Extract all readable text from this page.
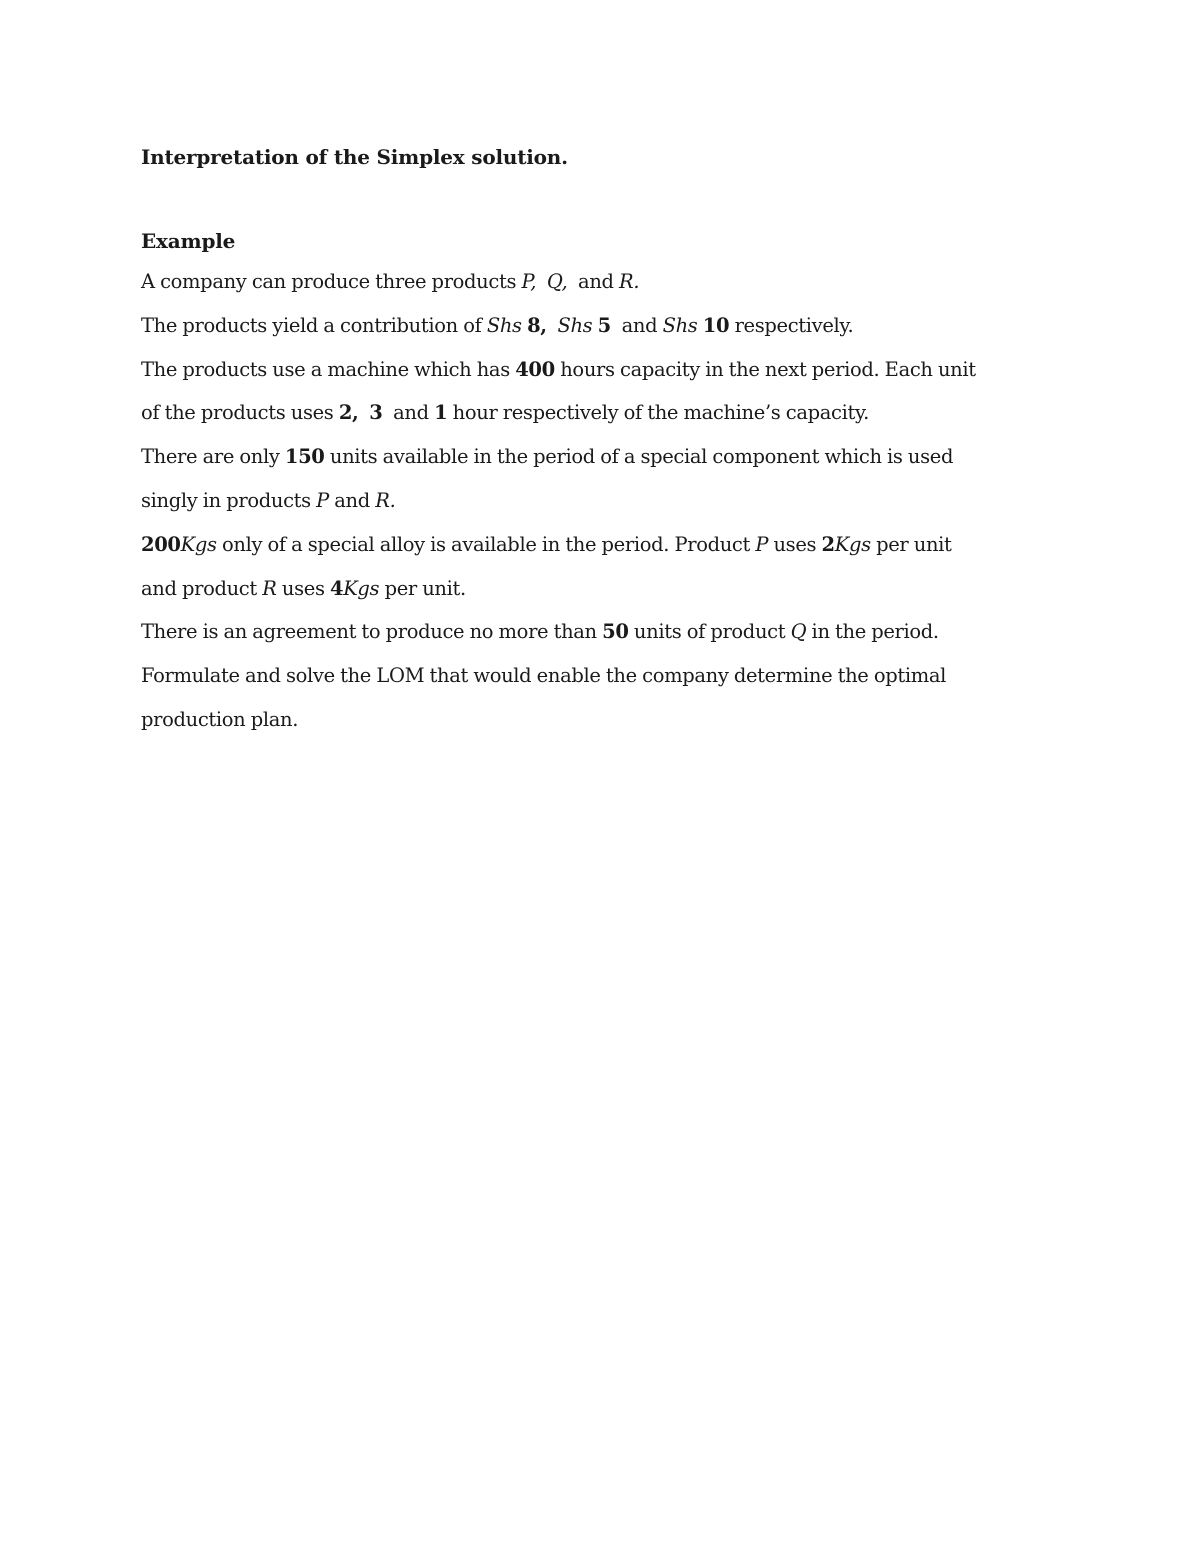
Interpretation of the Simplex solution.

Example

A company can produce three products P, Q,  and R.

The products yield a contribution of Shs 8, Shs 5  and Shs 10 respectively.

The products use a machine which has 400 hours capacity in the next period. Each unit

of the products uses 2, 3  and 1 hour respectively of the machine’s capacity.

There are only 150 units available in the period of a special component which is used

singly in products P and R.

200Kgs only of a special alloy is available in the period. Product P uses 2Kgs per unit

and product R uses 4Kgs per unit.

There is an agreement to produce no more than 50 units of product Q in the period.

Formulate and solve the LOM that would enable the company determine the optimal

production plan.
